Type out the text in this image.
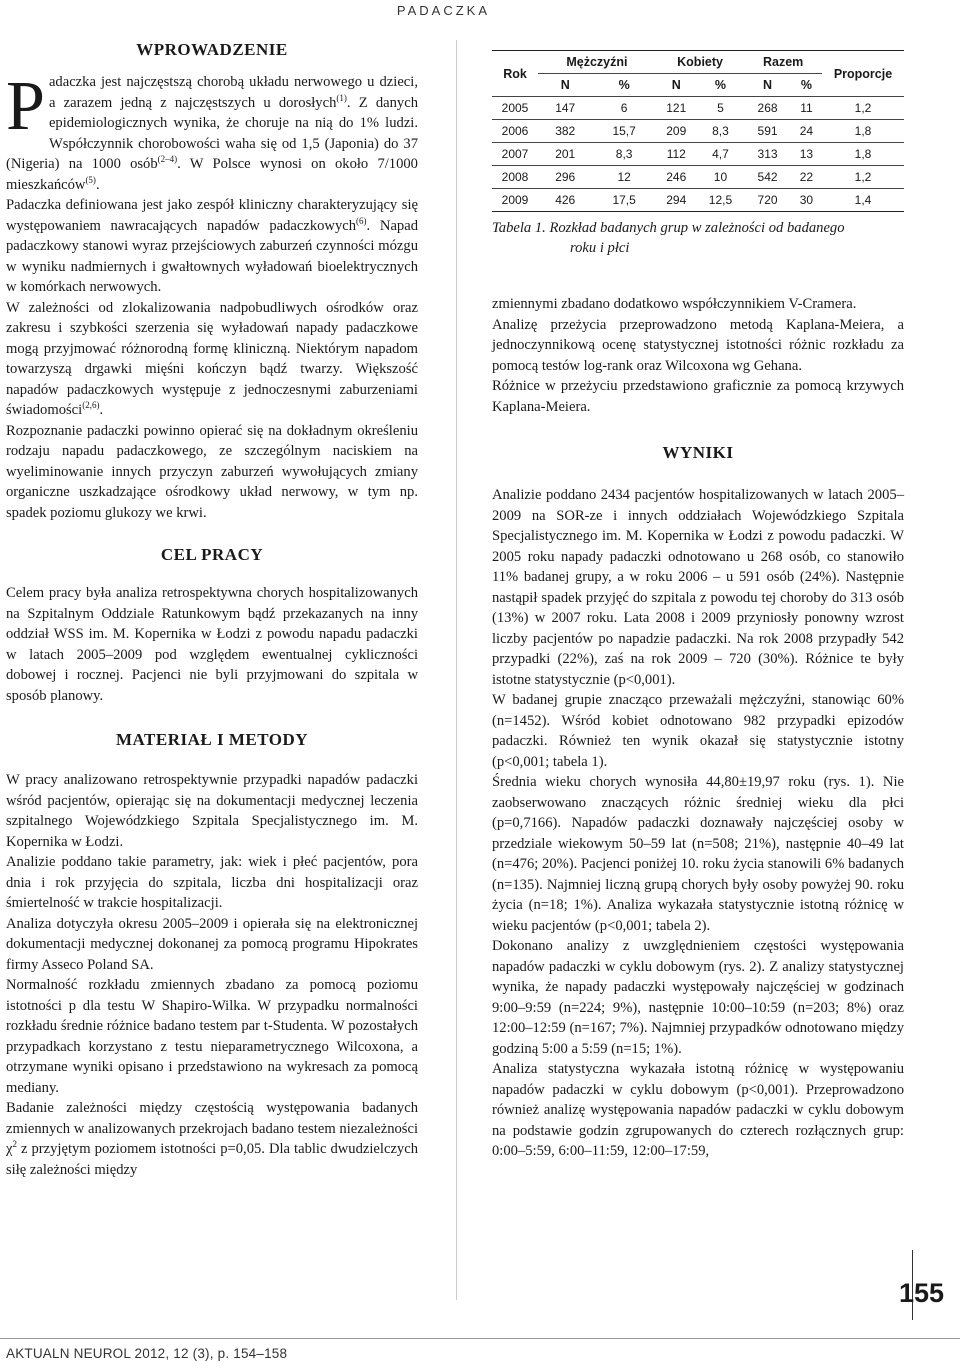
PADACZKA
WPROWADZENIE

Padaczka jest najczęstszą chorobą układu nerwowego u dzieci, a zarazem jedną z najczęstszych u dorosłych$^{(1)}$. Z danych epidemiologicznych wynika, że choruje na nią do 1% ludzi. Współczynnik chorobowości waha się od 1,5 (Japonia) do 37 (Nigeria) na 1000 osób$^{(2-4)}$. W Polsce wynosi on około 7/1000 mieszkańców$^{(5)}$.

Padaczka definiowana jest jako zespół kliniczny charakteryzujący się występowaniem nawracających napadów padaczkowych$^{(6)}$. Napad padaczkowy stanowi wyraz przejściowych zaburzeń czynności mózgu w wyniku nadmiernych i gwałtownych wyładowań bioelektrycznych w komórkach nerwowych.

W zależności od zlokalizowania nadpobudliwych ośrodków oraz zakresu i szybkości szerzenia się wyładowań napady padaczkowe mogą przyjmować różnorodną formę kliniczną. Niektórym napadom towarzyszą drgawki mięśni kończyn bądź twarzy. Większość napadów padaczkowych występuje z jednoczesnymi zaburzeniami świadomości$^{(2,6)}$.

Rozpoznanie padaczki powinno opierać się na dokładnym określeniu rodzaju napadu padaczkowego, ze szczególnym naciskiem na wyeliminowanie innych przyczyn zaburzeń wywołujących zmiany organiczne uszkadzające ośrodkowy układ nerwowy, w tym np. spadek poziomu glukozy we krwi.

CEL PRACY

Celem pracy była analiza retrospektywna chorych hospitalizowanych na Szpitalnym Oddziale Ratunkowym bądź przekazanych na inny oddział WSS im. M. Kopernika w Łodzi z powodu napadu padaczki w latach 2005–2009 pod względem ewentualnej cykliczności dobowej i rocznej. Pacjenci nie byli przyjmowani do szpitala w sposób planowy.

MATERIAŁ I METODY

W pracy analizowano retrospektywnie przypadki napadów padaczki wśród pacjentów, opierając się na dokumentacji medycznej leczenia szpitalnego Wojewódzkiego Szpitala Specjalistycznego im. M. Kopernika w Łodzi.

Analizie poddano takie parametry, jak: wiek i płeć pacjentów, pora dnia i rok przyjęcia do szpitala, liczba dni hospitalizacji oraz śmiertelność w trakcie hospitalizacji.

Analiza dotyczyła okresu 2005–2009 i opierała się na elektronicznej dokumentacji medycznej dokonanej za pomocą programu Hipokrates firmy Asseco Poland SA.

Normalność rozkładu zmiennych zbadano za pomocą poziomu istotności p dla testu W Shapiro-Wilka. W przypadku normalności rozkładu średnie różnice badano testem par t-Studenta. W pozostałych przypadkach korzystano z testu nieparametrycznego Wilcoxona, a otrzymane wyniki opisano i przedstawiono na wykresach za pomocą mediany.

Badanie zależności między częstością występowania badanych zmiennych w analizowanych przekrojach badano testem niezależności $\chi^2$ z przyjętym poziomem istotności p=0,05. Dla tablic dwudzielczych siłę zależności między

Rok	Mężczyźni		Kobiety		Razem		Proporcje
	N	%	N	%	N	%	
2005	147	6	121	5	268	11	1,2
2006	382	15,7	209	8,3	591	24	1,8
2007	201	8,3	112	4,7	313	13	1,8
2008	296	12	246	10	542	22	1,2
2009	426	17,5	294	12,5	720	30	1,4
Tabela 1. Rozkład badanych grup w zależności od badanego
roku i płci

zmiennymi zbadano dodatkowo współczynnikiem V-Cramera.

Analizę przeżycia przeprowadzono metodą Kaplana-Meiera, a jednoczynnikową ocenę statystycznej istotności różnic rozkładu za pomocą testów log-rank oraz Wilcoxona wg Gehana.

Różnice w przeżyciu przedstawiono graficznie za pomocą krzywych Kaplana-Meiera.

WYNIKI

Analizie poddano 2434 pacjentów hospitalizowanych w latach 2005–2009 na SOR-ze i innych oddziałach Wojewódzkiego Szpitala Specjalistycznego im. M. Kopernika w Łodzi z powodu padaczki. W 2005 roku napady padaczki odnotowano u 268 osób, co stanowiło 11% badanej grupy, a w roku 2006 – u 591 osób (24%). Następnie nastąpił spadek przyjęć do szpitala z powodu tej choroby do 313 osób (13%) w 2007 roku. Lata 2008 i 2009 przyniosły ponowny wzrost liczby pacjentów po napadzie padaczki. Na rok 2008 przypadły 542 przypadki (22%), zaś na rok 2009 – 720 (30%). Różnice te były istotne statystycznie (p<0,001).

W badanej grupie znacząco przeważali mężczyźni, stanowiąc 60% (n=1452). Wśród kobiet odnotowano 982 przypadki epizodów padaczki. Również ten wynik okazał się statystycznie istotny (p<0,001; tabela 1).

Średnia wieku chorych wynosiła 44,80±19,97 roku (rys. 1). Nie zaobserwowano znaczących różnic średniej wieku dla płci (p=0,7166). Napadów padaczki doznawały najczęściej osoby w przedziale wiekowym 50–59 lat (n=508; 21%), następnie 40–49 lat (n=476; 20%). Pacjenci poniżej 10. roku życia stanowili 6% badanych (n=135). Najmniej liczną grupą chorych były osoby powyżej 90. roku życia (n=18; 1%). Analiza wykazała statystycznie istotną różnicę w wieku pacjentów (p<0,001; tabela 2).

Dokonano analizy z uwzględnieniem częstości występowania napadów padaczki w cyklu dobowym (rys. 2). Z analizy statystycznej wynika, że napady padaczki występowały najczęściej w godzinach 9:00–9:59 (n=224; 9%), następnie 10:00–10:59 (n=203; 8%) oraz 12:00–12:59 (n=167; 7%). Najmniej przypadków odnotowano między godziną 5:00 a 5:59 (n=15; 1%).

Analiza statystyczna wykazała istotną różnicę w występowaniu napadów padaczki w cyklu dobowym (p<0,001). Przeprowadzono również analizę występowania napadów padaczki w cyklu dobowym na podstawie godzin zgrupowanych do czterech rozłącznych grup: 0:00–5:59, 6:00–11:59, 12:00–17:59,

155
AKTUALN NEUROL 2012, 12 (3), p. 154–158
